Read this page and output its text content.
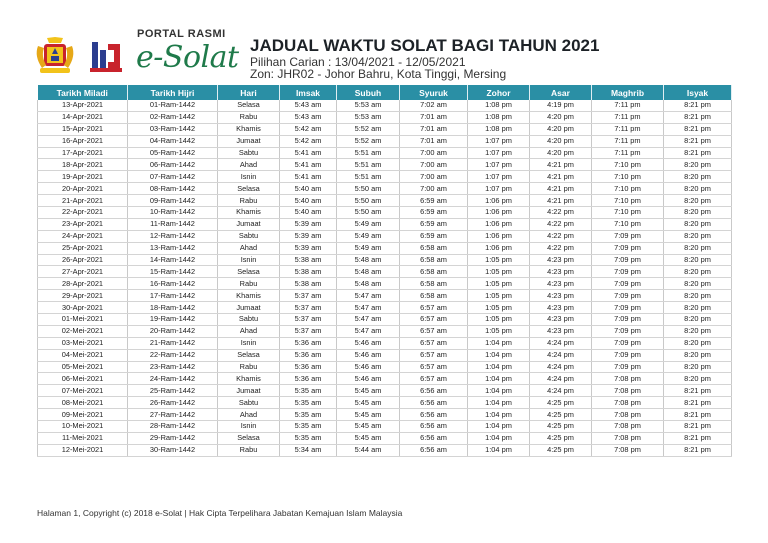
PORTAL RASMI
e-Solat JADUAL WAKTU SOLAT BAGI TAHUN 2021
Pilihan Carian : 13/04/2021 - 12/05/2021
Zon: JHR02 - Johor Bahru, Kota Tinggi, Mersing
Tarikh Miladi	Tarikh Hijri	Hari	Imsak	Subuh	Syuruk	Zohor	Asar	Maghrib	Isyak
13-Apr-2021	01-Ram-1442	Selasa	5:43 am	5:53 am	7:02 am	1:08 pm	4:19 pm	7:11 pm	8:21 pm
14-Apr-2021	02-Ram-1442	Rabu	5:43 am	5:53 am	7:01 am	1:08 pm	4:20 pm	7:11 pm	8:21 pm
15-Apr-2021	03-Ram-1442	Khamis	5:42 am	5:52 am	7:01 am	1:08 pm	4:20 pm	7:11 pm	8:21 pm
16-Apr-2021	04-Ram-1442	Jumaat	5:42 am	5:52 am	7:01 am	1:07 pm	4:20 pm	7:11 pm	8:21 pm
17-Apr-2021	05-Ram-1442	Sabtu	5:41 am	5:51 am	7:00 am	1:07 pm	4:20 pm	7:11 pm	8:21 pm
18-Apr-2021	06-Ram-1442	Ahad	5:41 am	5:51 am	7:00 am	1:07 pm	4:21 pm	7:10 pm	8:20 pm
19-Apr-2021	07-Ram-1442	Isnin	5:41 am	5:51 am	7:00 am	1:07 pm	4:21 pm	7:10 pm	8:20 pm
20-Apr-2021	08-Ram-1442	Selasa	5:40 am	5:50 am	7:00 am	1:07 pm	4:21 pm	7:10 pm	8:20 pm
21-Apr-2021	09-Ram-1442	Rabu	5:40 am	5:50 am	6:59 am	1:06 pm	4:21 pm	7:10 pm	8:20 pm
22-Apr-2021	10-Ram-1442	Khamis	5:40 am	5:50 am	6:59 am	1:06 pm	4:22 pm	7:10 pm	8:20 pm
23-Apr-2021	11-Ram-1442	Jumaat	5:39 am	5:49 am	6:59 am	1:06 pm	4:22 pm	7:10 pm	8:20 pm
24-Apr-2021	12-Ram-1442	Sabtu	5:39 am	5:49 am	6:59 am	1:06 pm	4:22 pm	7:09 pm	8:20 pm
25-Apr-2021	13-Ram-1442	Ahad	5:39 am	5:49 am	6:58 am	1:06 pm	4:22 pm	7:09 pm	8:20 pm
26-Apr-2021	14-Ram-1442	Isnin	5:38 am	5:48 am	6:58 am	1:05 pm	4:23 pm	7:09 pm	8:20 pm
27-Apr-2021	15-Ram-1442	Selasa	5:38 am	5:48 am	6:58 am	1:05 pm	4:23 pm	7:09 pm	8:20 pm
28-Apr-2021	16-Ram-1442	Rabu	5:38 am	5:48 am	6:58 am	1:05 pm	4:23 pm	7:09 pm	8:20 pm
29-Apr-2021	17-Ram-1442	Khamis	5:37 am	5:47 am	6:58 am	1:05 pm	4:23 pm	7:09 pm	8:20 pm
30-Apr-2021	18-Ram-1442	Jumaat	5:37 am	5:47 am	6:57 am	1:05 pm	4:23 pm	7:09 pm	8:20 pm
01-Mei-2021	19-Ram-1442	Sabtu	5:37 am	5:47 am	6:57 am	1:05 pm	4:23 pm	7:09 pm	8:20 pm
02-Mei-2021	20-Ram-1442	Ahad	5:37 am	5:47 am	6:57 am	1:05 pm	4:23 pm	7:09 pm	8:20 pm
03-Mei-2021	21-Ram-1442	Isnin	5:36 am	5:46 am	6:57 am	1:04 pm	4:24 pm	7:09 pm	8:20 pm
04-Mei-2021	22-Ram-1442	Selasa	5:36 am	5:46 am	6:57 am	1:04 pm	4:24 pm	7:09 pm	8:20 pm
05-Mei-2021	23-Ram-1442	Rabu	5:36 am	5:46 am	6:57 am	1:04 pm	4:24 pm	7:09 pm	8:20 pm
06-Mei-2021	24-Ram-1442	Khamis	5:36 am	5:46 am	6:57 am	1:04 pm	4:24 pm	7:08 pm	8:20 pm
07-Mei-2021	25-Ram-1442	Jumaat	5:35 am	5:45 am	6:56 am	1:04 pm	4:24 pm	7:08 pm	8:21 pm
08-Mei-2021	26-Ram-1442	Sabtu	5:35 am	5:45 am	6:56 am	1:04 pm	4:25 pm	7:08 pm	8:21 pm
09-Mei-2021	27-Ram-1442	Ahad	5:35 am	5:45 am	6:56 am	1:04 pm	4:25 pm	7:08 pm	8:21 pm
10-Mei-2021	28-Ram-1442	Isnin	5:35 am	5:45 am	6:56 am	1:04 pm	4:25 pm	7:08 pm	8:21 pm
11-Mei-2021	29-Ram-1442	Selasa	5:35 am	5:45 am	6:56 am	1:04 pm	4:25 pm	7:08 pm	8:21 pm
12-Mei-2021	30-Ram-1442	Rabu	5:34 am	5:44 am	6:56 am	1:04 pm	4:25 pm	7:08 pm	8:21 pm
Halaman 1, Copyright (c) 2018 e-Solat | Hak Cipta Terpelihara Jabatan Kemajuan Islam Malaysia
